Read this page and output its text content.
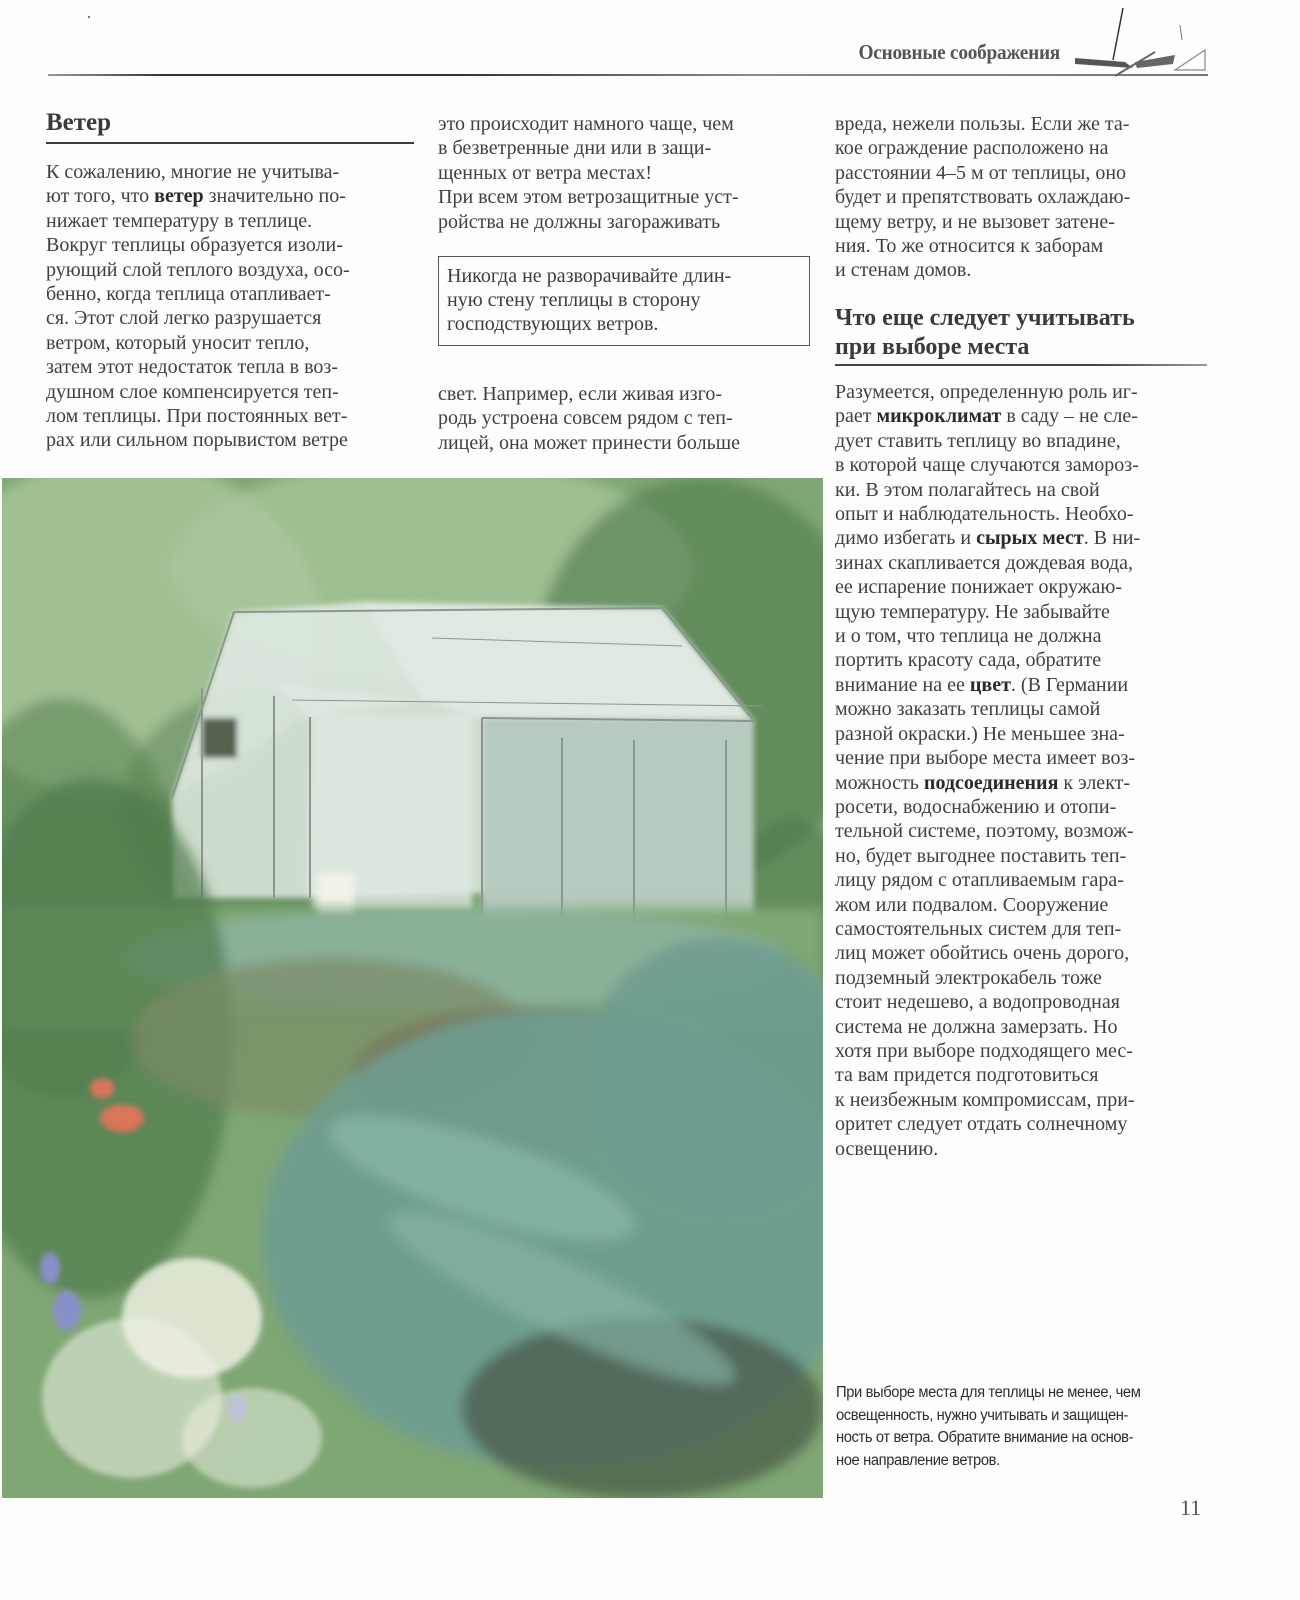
Основные соображения
Ветер
К сожалению, многие не учитыва-
ют того, что ветер значительно по-
нижает температуру в теплице.
Вокруг теплицы образуется изоли-
рующий слой теплого воздуха, осо-
бенно, когда теплица отапливает-
ся. Этот слой легко разрушается
ветром, который уносит тепло,
затем этот недостаток тепла в воз-
душном слое компенсируется теп-
лом теплицы. При постоянных вет-
рах или сильном порывистом ветре
это происходит намного чаще, чем
в безветренные дни или в защи-
щенных от ветра местах!
При всем этом ветрозащитные уст-
ройства не должны загораживать
Никогда не разворачивайте длин-
ную стену теплицы в сторону
господствующих ветров.
свет. Например, если живая изго-
родь устроена совсем рядом с теп-
лицей, она может принести больше
вреда, нежели пользы. Если же та-
кое ограждение расположено на
расстоянии 4–5 м от теплицы, оно
будет и препятствовать охлаждаю-
щему ветру, и не вызовет затене-
ния. То же относится к заборам
и стенам домов.
Что еще следует учитывать
при выборе места
Разумеется, определенную роль иг-
рает микроклимат в саду – не сле-
дует ставить теплицу во впадине,
в которой чаще случаются замороз-
ки. В этом полагайтесь на свой
опыт и наблюдательность. Необхо-
димо избегать и сырых мест. В ни-
зинах скапливается дождевая вода,
ее испарение понижает окружаю-
щую температуру. Не забывайте
и о том, что теплица не должна
портить красоту сада, обратите
внимание на ее цвет. (В Германии
можно заказать теплицы самой
разной окраски.) Не меньшее зна-
чение при выборе места имеет воз-
можность подсоединения к элект-
росети, водоснабжению и отопи-
тельной системе, поэтому, возмож-
но, будет выгоднее поставить теп-
лицу рядом с отапливаемым гара-
жом или подвалом. Сооружение
самостоятельных систем для теп-
лиц может обойтись очень дорого,
подземный электрокабель тоже
стоит недешево, а водопроводная
система не должна замерзать. Но
хотя при выборе подходящего мес-
та вам придется подготовиться
к неизбежным компромиссам, при-
оритет следует отдать солнечному
освещению.
При выборе места для теплицы не менее, чем
освещенность, нужно учитывать и защищен-
ность от ветра. Обратите внимание на основ-
ное направление ветров.
11
